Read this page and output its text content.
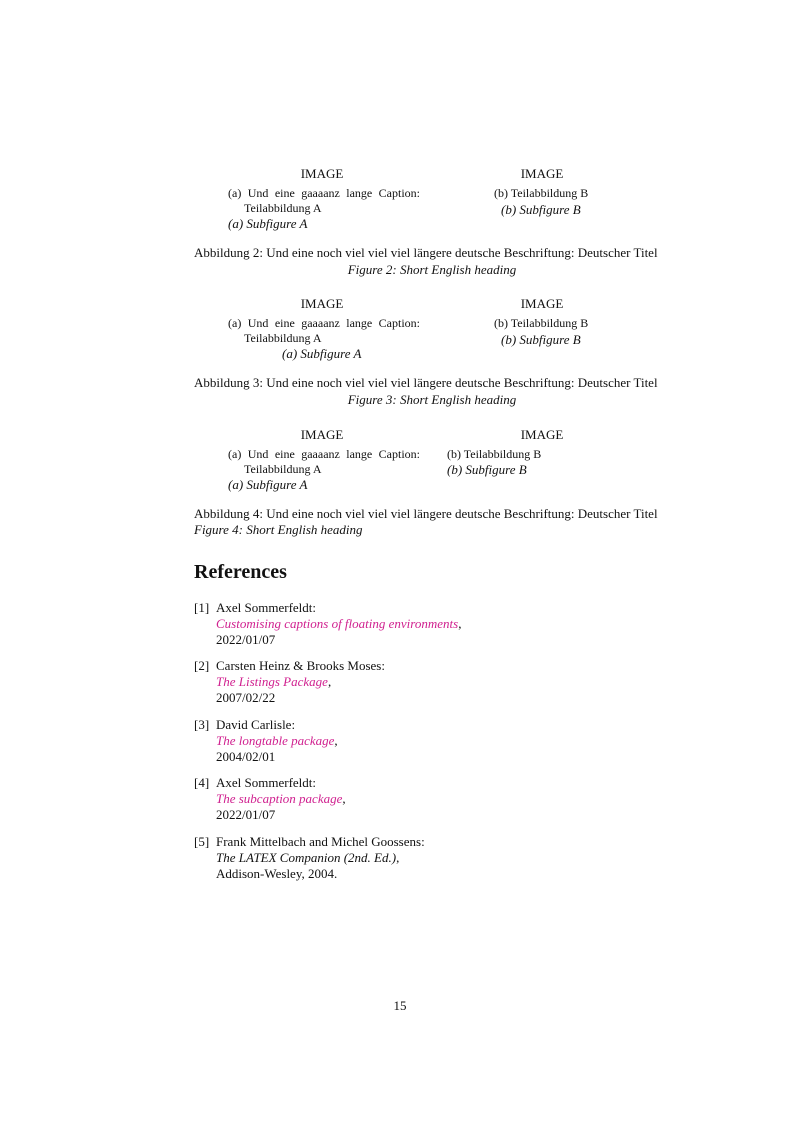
IMAGE	IMAGE
(a) Und eine gaaaanz lange Caption:
Teilabbildung A
(a) Subfigure A
(b) Teilabbildung B
(b) Subfigure B
Abbildung 2: Und eine noch viel viel viel längere deutsche Beschriftung: Deutscher Titel
Figure 2: Short English heading
IMAGE	IMAGE
(a) Und eine gaaaanz lange Caption:
Teilabbildung A
(a) Subfigure A
(b) Teilabbildung B
(b) Subfigure B
Abbildung 3: Und eine noch viel viel viel längere deutsche Beschriftung: Deutscher Titel
Figure 3: Short English heading
IMAGE	IMAGE
(a) Und eine gaaaanz lange Caption:
Teilabbildung A
(a) Subfigure A
(b) Teilabbildung B
(b) Subfigure B
Abbildung 4: Und eine noch viel viel viel längere deutsche Beschriftung: Deutscher Titel
Figure 4: Short English heading
References
[1] Axel Sommerfeldt:
Customising captions of floating environments,
2022/01/07
[2] Carsten Heinz & Brooks Moses:
The Listings Package,
2007/02/22
[3] David Carlisle:
The longtable package,
2004/02/01
[4] Axel Sommerfeldt:
The subcaption package,
2022/01/07
[5] Frank Mittelbach and Michel Goossens:
The LATEX Companion (2nd. Ed.),
Addison-Wesley, 2004.
15
